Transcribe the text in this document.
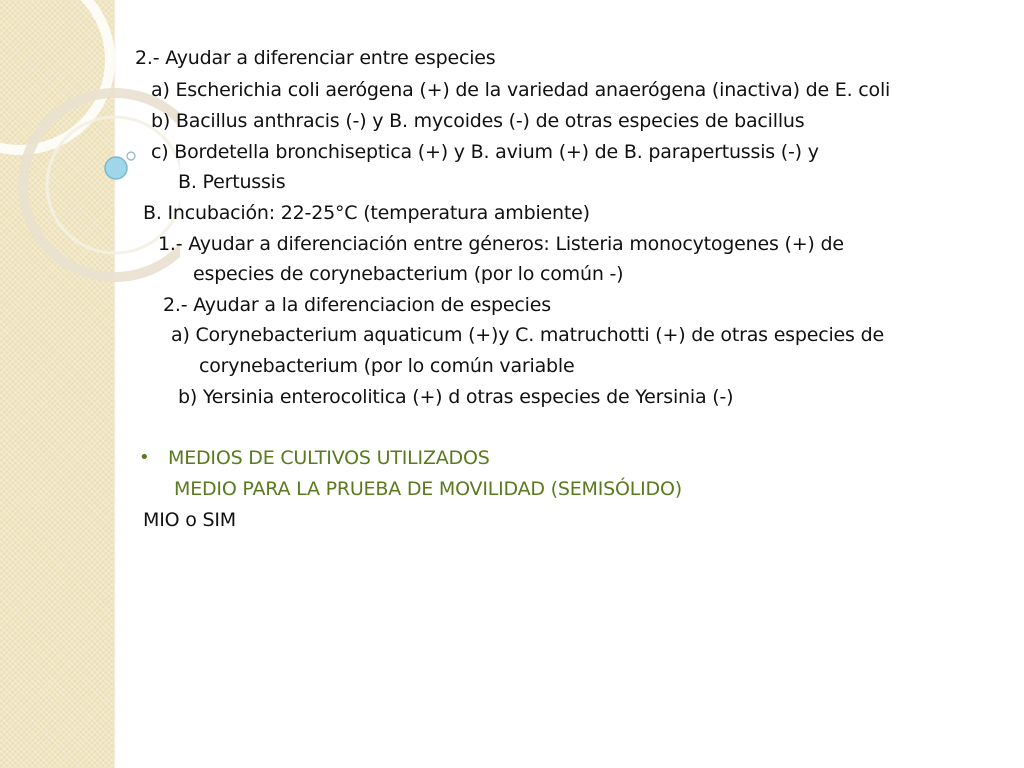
2.- Ayudar a diferenciar entre especies
a) Escherichia coli aerógena (+) de la variedad anaerógena (inactiva) de E. coli
b) Bacillus anthracis (-) y B. mycoides (-) de otras especies de bacillus
c) Bordetella bronchiseptica (+) y B. avium (+) de B. parapertussis (-) y
B. Pertussis
B. Incubación: 22-25°C (temperatura ambiente)
1.- Ayudar a diferenciación entre géneros: Listeria monocytogenes (+) de
especies de corynebacterium (por lo común -)
2.- Ayudar a la diferenciacion de especies
a) Corynebacterium aquaticum (+)y C. matruchotti (+) de otras especies de
corynebacterium (por lo común variable
b) Yersinia enterocolitica (+) d otras especies de Yersinia (-)
• MEDIOS DE CULTIVOS UTILIZADOS
MEDIO PARA LA PRUEBA DE MOVILIDAD (SEMISÓLIDO)
MIO o SIM
